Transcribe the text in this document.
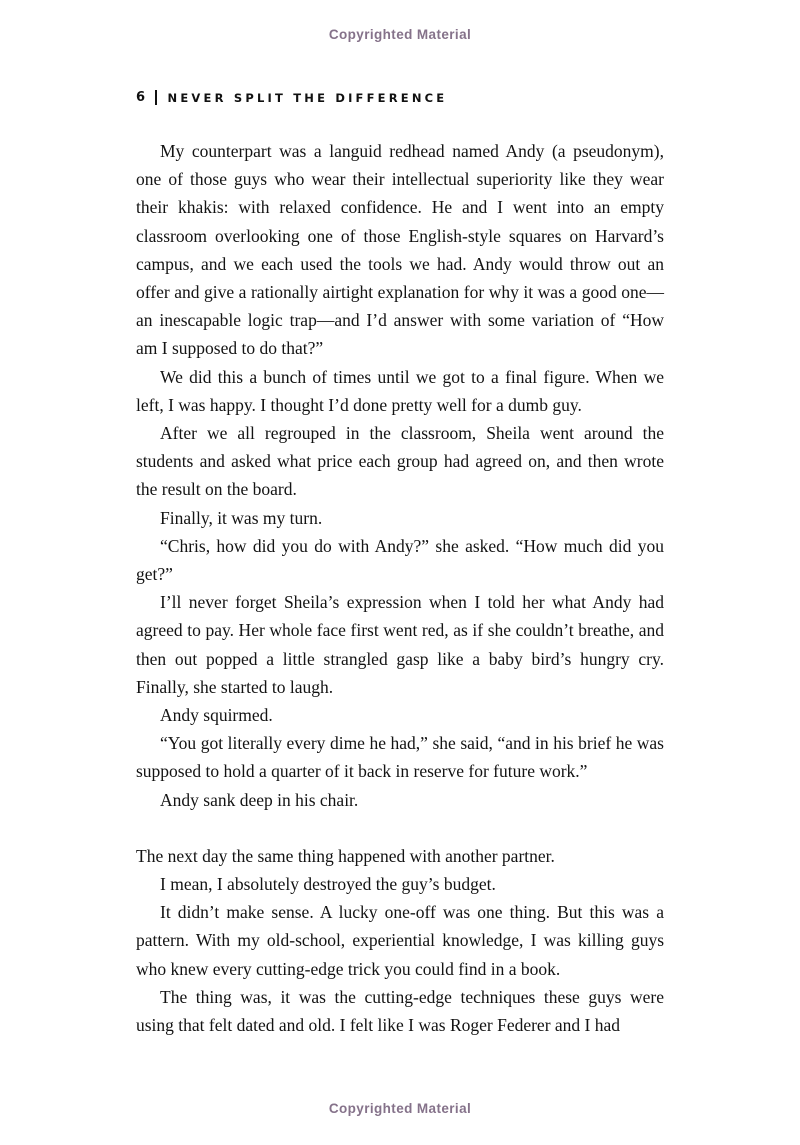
Copyrighted Material
6 NEVER SPLIT THE DIFFERENCE

My counterpart was a languid redhead named Andy (a pseudonym), one of those guys who wear their intellectual superiority like they wear their khakis: with relaxed confidence. He and I went into an empty classroom overlooking one of those English-style squares on Harvard’s campus, and we each used the tools we had. Andy would throw out an offer and give a rationally airtight explanation for why it was a good one—an inescapable logic trap—and I’d answer with some variation of “How am I supposed to do that?”

We did this a bunch of times until we got to a final figure. When we left, I was happy. I thought I’d done pretty well for a dumb guy.

After we all regrouped in the classroom, Sheila went around the students and asked what price each group had agreed on, and then wrote the result on the board.

Finally, it was my turn.

“Chris, how did you do with Andy?” she asked. “How much did you get?”

I’ll never forget Sheila’s expression when I told her what Andy had agreed to pay. Her whole face first went red, as if she couldn’t breathe, and then out popped a little strangled gasp like a baby bird’s hungry cry. Finally, she started to laugh.

Andy squirmed.

“You got literally every dime he had,” she said, “and in his brief he was supposed to hold a quarter of it back in reserve for future work.”

Andy sank deep in his chair.

The next day the same thing happened with another partner.

I mean, I absolutely destroyed the guy’s budget.

It didn’t make sense. A lucky one-off was one thing. But this was a pattern. With my old-school, experiential knowledge, I was killing guys who knew every cutting-edge trick you could find in a book.

The thing was, it was the cutting-edge techniques these guys were using that felt dated and old. I felt like I was Roger Federer and I had

Copyrighted Material
